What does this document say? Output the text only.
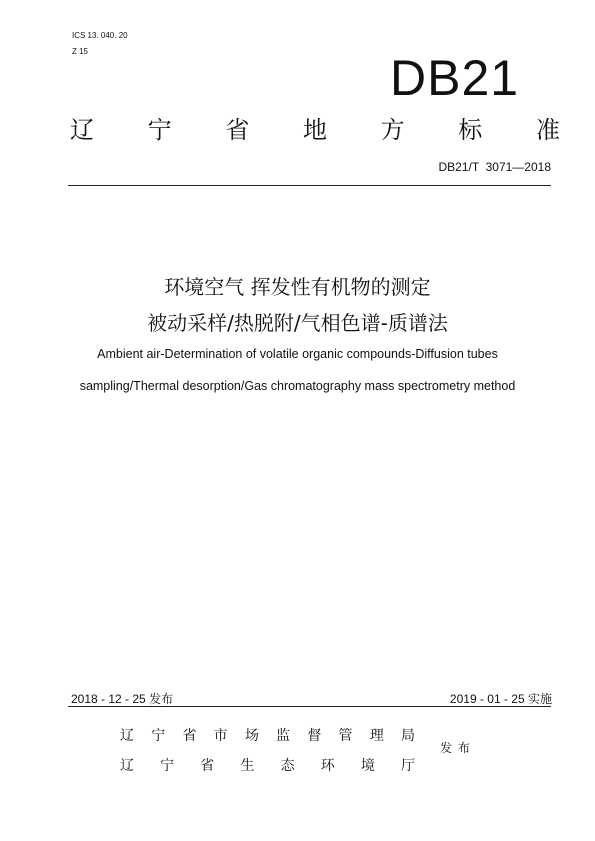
ICS 13. 040. 20
Z 15	DB21
辽 宁 省 地 方 标 准
DB21/T  3071—2018
环境空气 挥发性有机物的测定
被动采样/热脱附/气相色谱-质谱法
Ambient air-Determination of volatile organic compounds-Diffusion tubes
sampling/Thermal desorption/Gas chromatography mass spectrometry method
2018 - 12 - 25 发布	2019 - 01 - 25 实施
辽 宁 省 市 场 监 督 管 理 局
辽 宁 省 生 态 环 境 厅
发布
